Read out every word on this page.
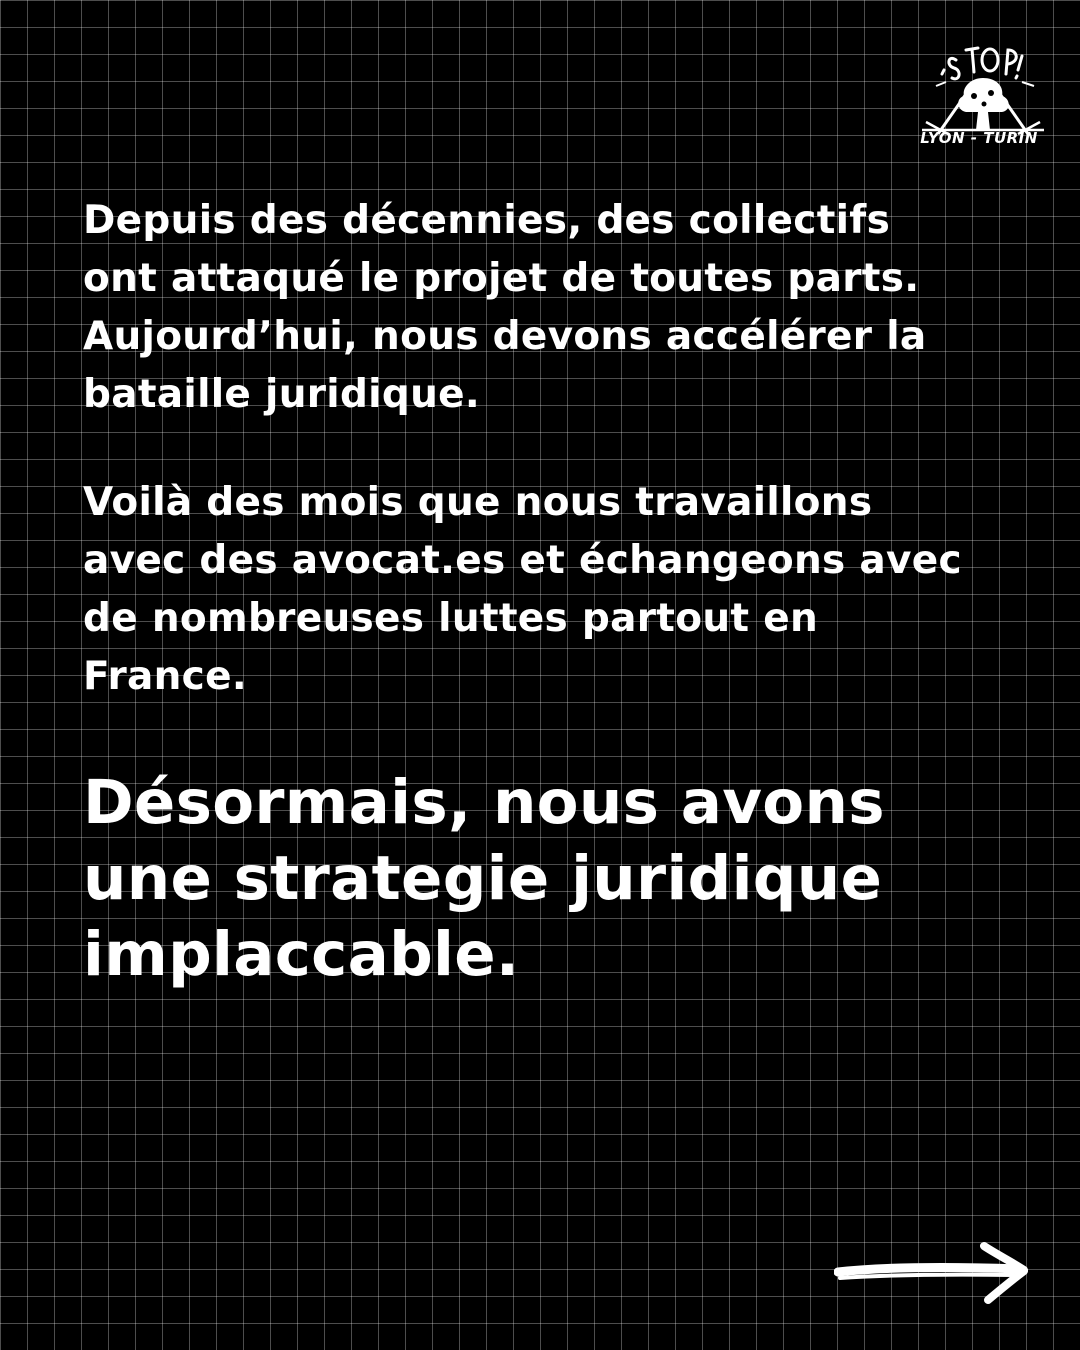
LYON - TURIN

Depuis des décennies, des collectifs
ont attaqué le projet de toutes parts.
Aujourd’hui, nous devons accélérer la
bataille juridique.

Voilà des mois que nous travaillons
avec des avocat.es et échangeons avec
de nombreuses luttes partout en
France.

Désormais, nous avons
une strategie juridique
implaccable.
